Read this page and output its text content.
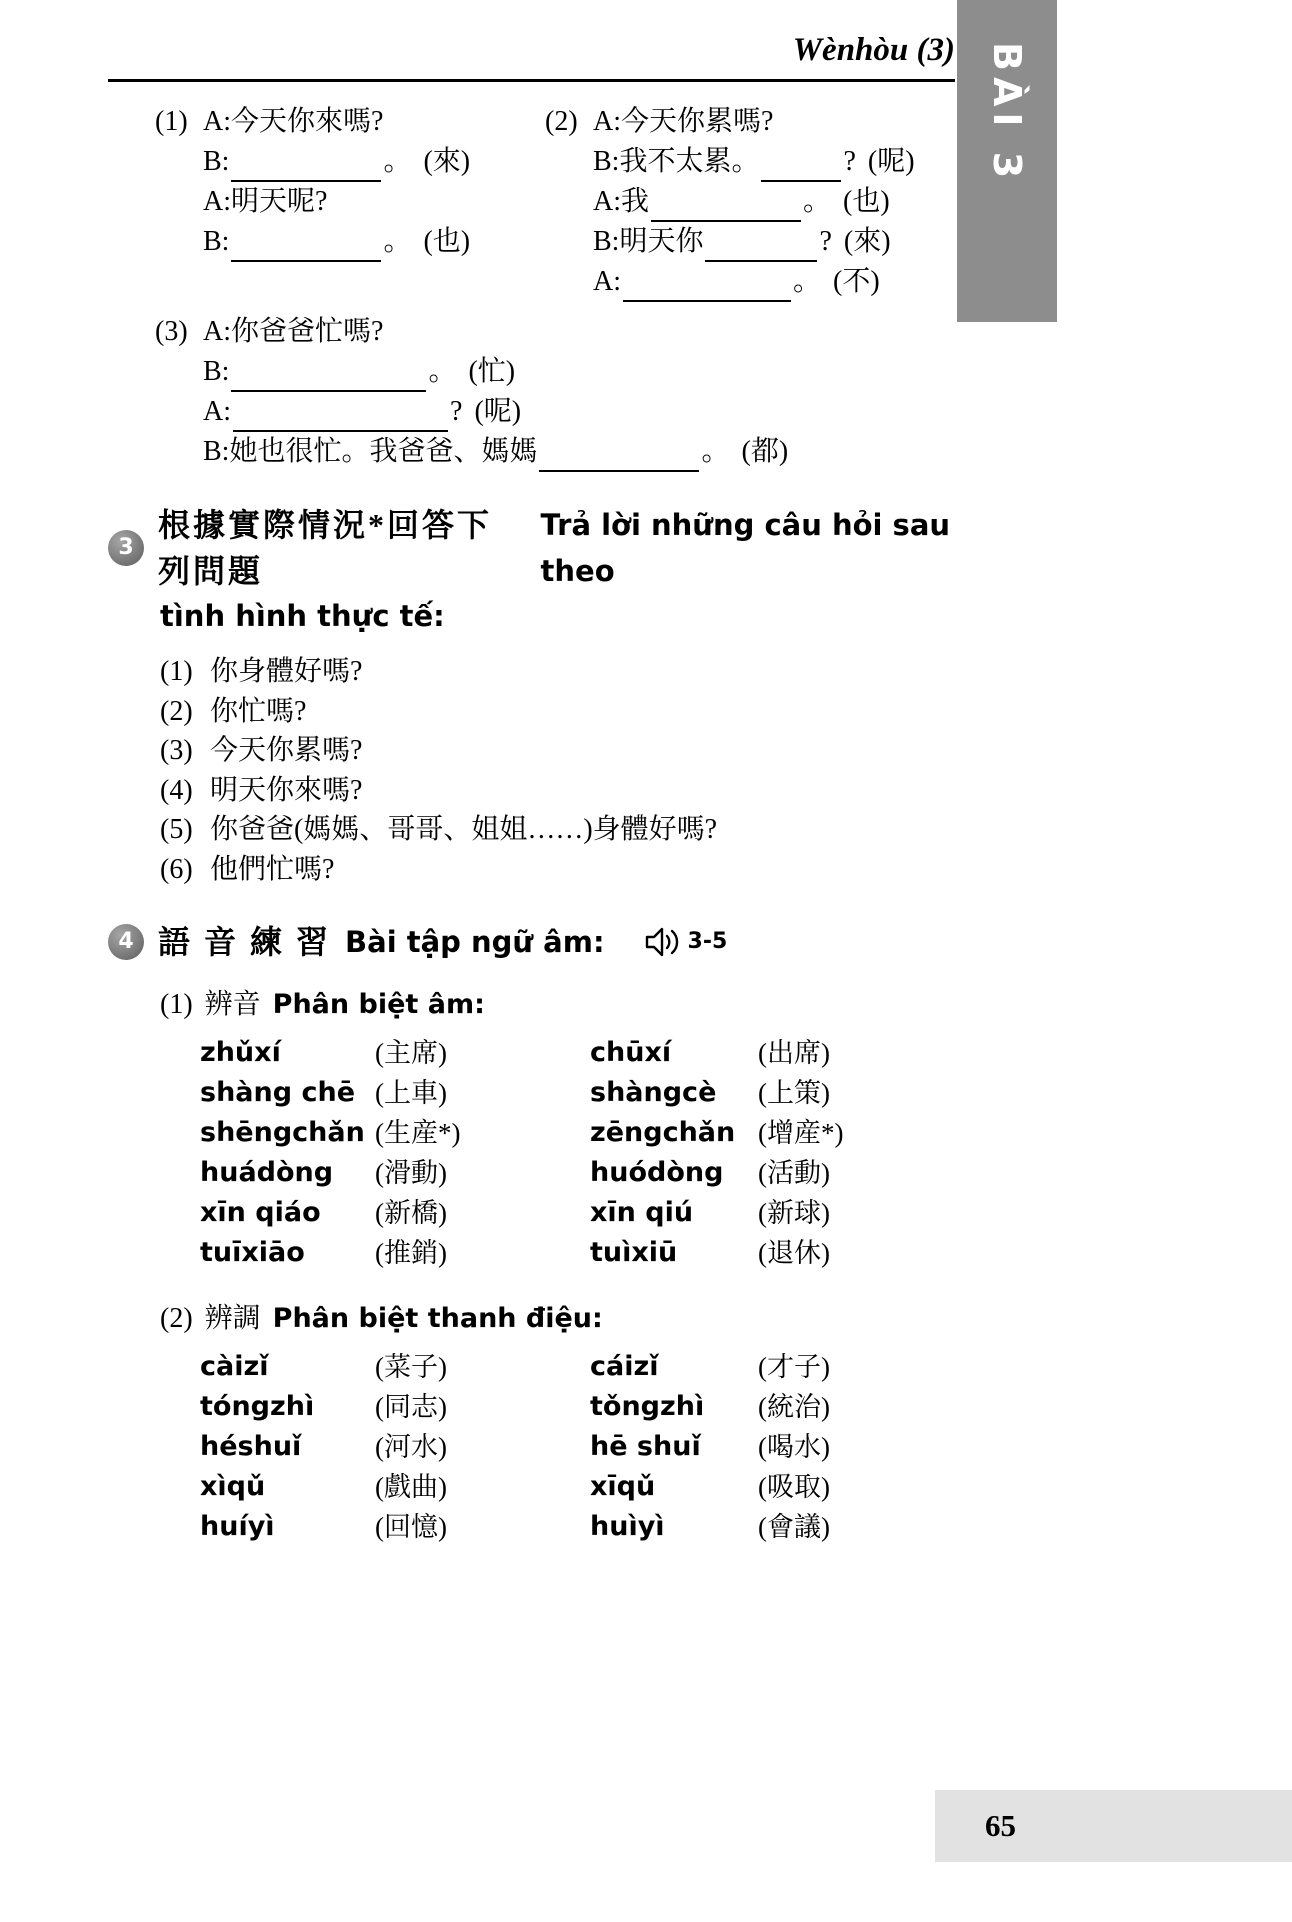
BÀI 3
Wènhòu (3)
(1) A: 今天你來嗎?
B:	。 (來)
A: 明天呢?
B:	。 (也)
(2) A: 今天你累嗎?
B: 我不太累。	? (呢)
A: 我	。 (也)
B: 明天你	? (來)
A:	。 (不)
(3) A: 你爸爸忙嗎?
B:	。 (忙)
A:	? (呢)
B: 她也很忙。我爸爸、媽媽	。 (都)
3
根據實際情況*回答下列問題
Trả lời những câu hỏi sau theo
tình hình thực tế:
(1) 你身體好嗎?
(2) 你忙嗎?
(3) 今天你累嗎?
(4) 明天你來嗎?
(5) 你爸爸(媽媽、哥哥、姐姐……)身體好嗎?
(6) 他們忙嗎?
4 語 音 練 習 Bài tập ngữ âm:	3-5
(1) 辨音 Phân biệt âm:
zhǔxí	(主席)	chūxí	(出席)
shàng chē (上車)	shàngcè	(上策)
shēngchǎn (生産*)	zēngchǎn (增産*)
huádòng	(滑動)	huódòng	(活動)
xīn qiáo	(新橋)	xīn qiú	(新球)
tuīxiāo	(推銷)	tuìxiū	(退休)
(2) 辨調 Phân biệt thanh điệu:
càizǐ	(菜子)	cáizǐ	(才子)
tóngzhì	(同志)	tǒngzhì	(統治)
héshuǐ	(河水)	hē shuǐ	(喝水)
xìqǔ	(戲曲)	xīqǔ	(吸取)
huíyì	(回憶)	huìyì	(會議)
65
